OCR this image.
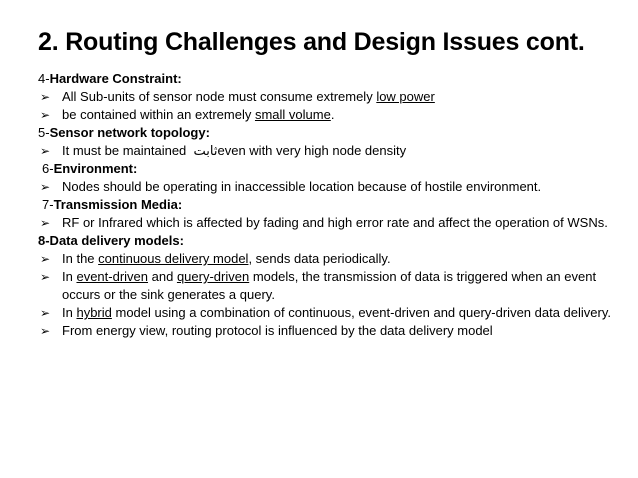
2. Routing Challenges and Design Issues cont.

4-Hardware Constraint:

➢ All Sub-units of sensor node must consume extremely low power

➢ be contained within an extremely small volume.

5-Sensor network topology:

➢ It must be maintained  ثابتeven with very high node density

6-Environment:

➢ Nodes should be operating in inaccessible location because of hostile environment.

7-Transmission Media:

➢ RF or Infrared which is affected by fading and high error rate and affect the operation of WSNs.

8-Data delivery models:

➢ In the continuous delivery model, sends data periodically.

➢ In event-driven and query-driven models, the transmission of data is triggered when an event occurs or the sink generates a query.

➢ In hybrid model using a combination of continuous, event-driven and query-driven data delivery.

➢ From energy view, routing protocol is influenced by the data delivery model
